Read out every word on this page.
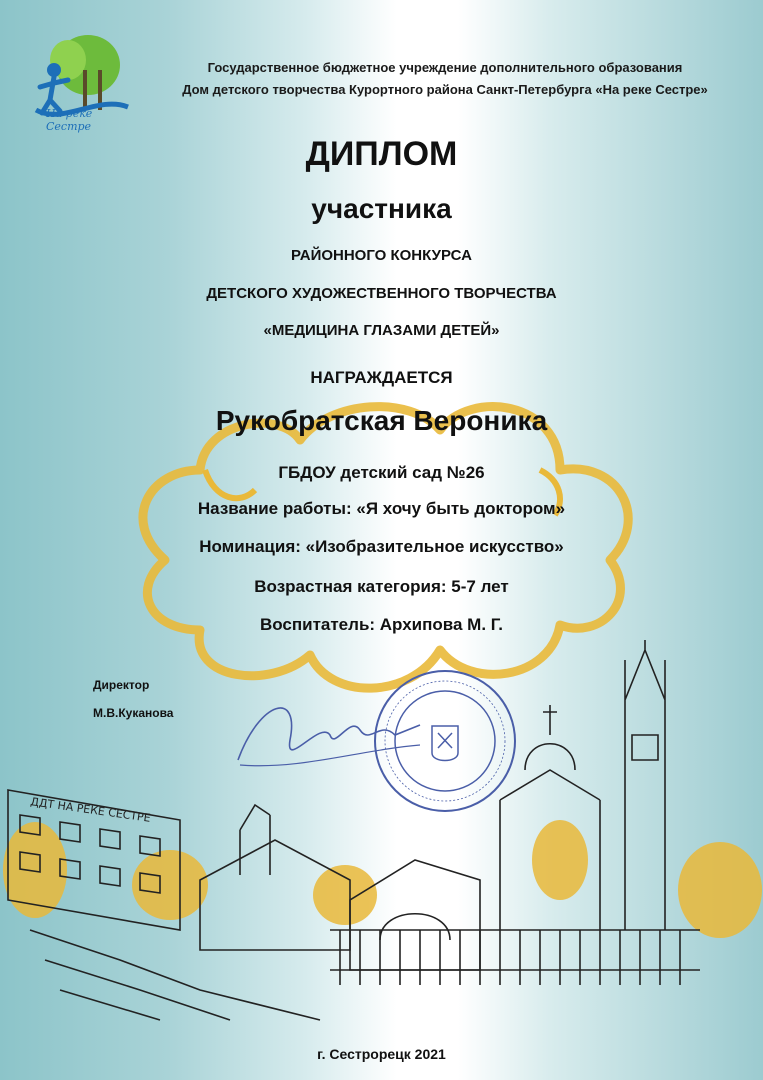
ДДТ НА РЕКЕ СЕСТРЕ
На реке Сестре
Государственное бюджетное учреждение дополнительного образования
Дом детского творчества Курортного района Санкт-Петербурга «На реке Сестре»
ДИПЛОМ
участника
РАЙОННОГО КОНКУРСА
ДЕТСКОГО ХУДОЖЕСТВЕННОГО ТВОРЧЕСТВА
«МЕДИЦИНА ГЛАЗАМИ ДЕТЕЙ»
НАГРАЖДАЕТСЯ
Рукобратская Вероника
ГБДОУ детский сад №26
Название работы: «Я хочу быть доктором»
Номинация: «Изобразительное искусство»
Возрастная категория: 5-7 лет
Воспитатель: Архипова М. Г.
Директор
М.В.Куканова
г. Сестрорецк 2021
